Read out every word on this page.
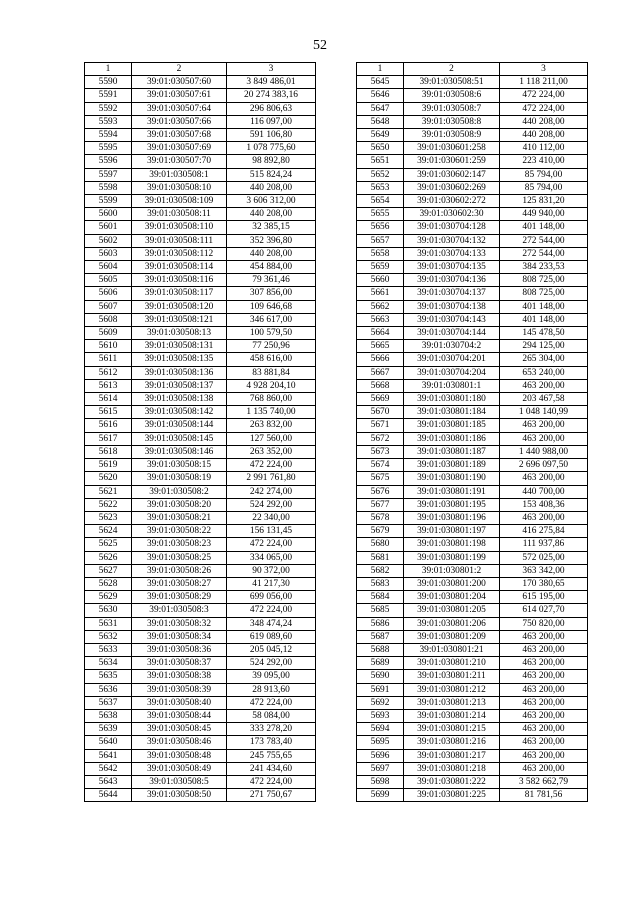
52
1	2	3
5590	39:01:030507:60	3 849 486,01
5591	39:01:030507:61	20 274 383,16
5592	39:01:030507:64	296 806,63
5593	39:01:030507:66	116 097,00
5594	39:01:030507:68	591 106,80
5595	39:01:030507:69	1 078 775,60
5596	39:01:030507:70	98 892,80
5597	39:01:030508:1	515 824,24
5598	39:01:030508:10	440 208,00
5599	39:01:030508:109	3 606 312,00
5600	39:01:030508:11	440 208,00
5601	39:01:030508:110	32 385,15
5602	39:01:030508:111	352 396,80
5603	39:01:030508:112	440 208,00
5604	39:01:030508:114	454 884,00
5605	39:01:030508:116	79 361,46
5606	39:01:030508:117	307 856,00
5607	39:01:030508:120	109 646,68
5608	39:01:030508:121	346 617,00
5609	39:01:030508:13	100 579,50
5610	39:01:030508:131	77 250,96
5611	39:01:030508:135	458 616,00
5612	39:01:030508:136	83 881,84
5613	39:01:030508:137	4 928 204,10
5614	39:01:030508:138	768 860,00
5615	39:01:030508:142	1 135 740,00
5616	39:01:030508:144	263 832,00
5617	39:01:030508:145	127 560,00
5618	39:01:030508:146	263 352,00
5619	39:01:030508:15	472 224,00
5620	39:01:030508:19	2 991 761,80
5621	39:01:030508:2	242 274,00
5622	39:01:030508:20	524 292,00
5623	39:01:030508:21	22 340,00
5624	39:01:030508:22	156 131,45
5625	39:01:030508:23	472 224,00
5626	39:01:030508:25	334 065,00
5627	39:01:030508:26	90 372,00
5628	39:01:030508:27	41 217,30
5629	39:01:030508:29	699 056,00
5630	39:01:030508:3	472 224,00
5631	39:01:030508:32	348 474,24
5632	39:01:030508:34	619 089,60
5633	39:01:030508:36	205 045,12
5634	39:01:030508:37	524 292,00
5635	39:01:030508:38	39 095,00
5636	39:01:030508:39	28 913,60
5637	39:01:030508:40	472 224,00
5638	39:01:030508:44	58 084,00
5639	39:01:030508:45	333 278,20
5640	39:01:030508:46	173 783,40
5641	39:01:030508:48	245 755,65
5642	39:01:030508:49	241 434,60
5643	39:01:030508:5	472 224,00
5644	39:01:030508:50	271 750,67
1	2	3
5645	39:01:030508:51	1 118 211,00
5646	39:01:030508:6	472 224,00
5647	39:01:030508:7	472 224,00
5648	39:01:030508:8	440 208,00
5649	39:01:030508:9	440 208,00
5650	39:01:030601:258	410 112,00
5651	39:01:030601:259	223 410,00
5652	39:01:030602:147	85 794,00
5653	39:01:030602:269	85 794,00
5654	39:01:030602:272	125 831,20
5655	39:01:030602:30	449 940,00
5656	39:01:030704:128	401 148,00
5657	39:01:030704:132	272 544,00
5658	39:01:030704:133	272 544,00
5659	39:01:030704:135	384 233,53
5660	39:01:030704:136	808 725,00
5661	39:01:030704:137	808 725,00
5662	39:01:030704:138	401 148,00
5663	39:01:030704:143	401 148,00
5664	39:01:030704:144	145 478,50
5665	39:01:030704:2	294 125,00
5666	39:01:030704:201	265 304,00
5667	39:01:030704:204	653 240,00
5668	39:01:030801:1	463 200,00
5669	39:01:030801:180	203 467,58
5670	39:01:030801:184	1 048 140,99
5671	39:01:030801:185	463 200,00
5672	39:01:030801:186	463 200,00
5673	39:01:030801:187	1 440 988,00
5674	39:01:030801:189	2 696 097,50
5675	39:01:030801:190	463 200,00
5676	39:01:030801:191	440 700,00
5677	39:01:030801:195	153 408,36
5678	39:01:030801:196	463 200,00
5679	39:01:030801:197	416 275,84
5680	39:01:030801:198	111 937,86
5681	39:01:030801:199	572 025,00
5682	39:01:030801:2	363 342,00
5683	39:01:030801:200	170 380,65
5684	39:01:030801:204	615 195,00
5685	39:01:030801:205	614 027,70
5686	39:01:030801:206	750 820,00
5687	39:01:030801:209	463 200,00
5688	39:01:030801:21	463 200,00
5689	39:01:030801:210	463 200,00
5690	39:01:030801:211	463 200,00
5691	39:01:030801:212	463 200,00
5692	39:01:030801:213	463 200,00
5693	39:01:030801:214	463 200,00
5694	39:01:030801:215	463 200,00
5695	39:01:030801:216	463 200,00
5696	39:01:030801:217	463 200,00
5697	39:01:030801:218	463 200,00
5698	39:01:030801:222	3 582 662,79
5699	39:01:030801:225	81 781,56
